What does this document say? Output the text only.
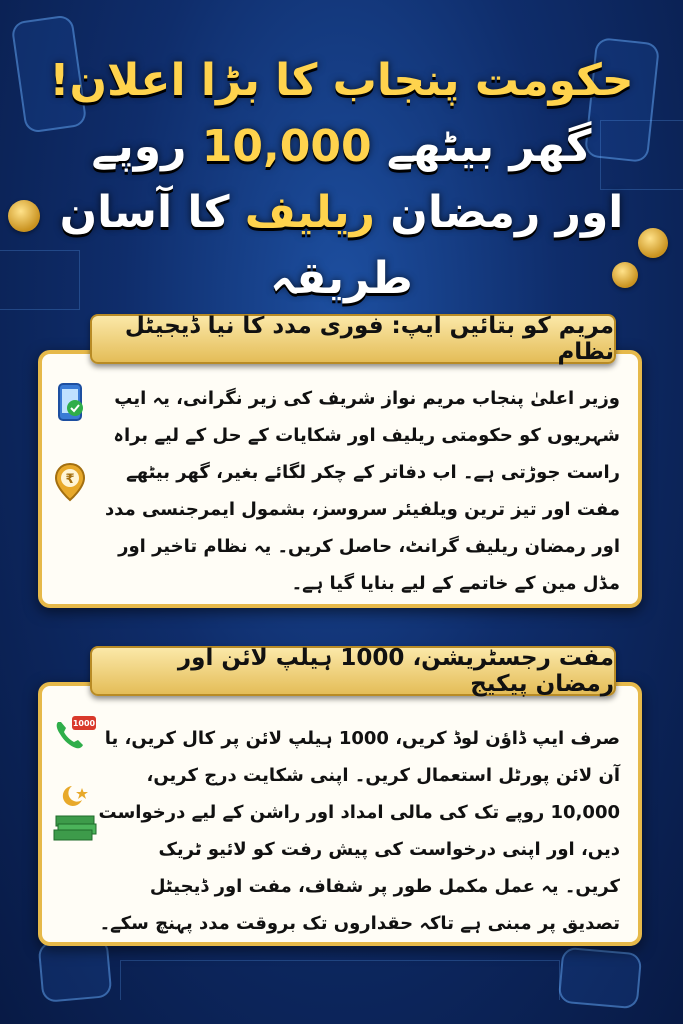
حکومت پنجاب کا بڑا اعلان!
گھر بیٹھے 10,000 روپے
اور رمضان ریلیف کا آسان طریقہ
وزیر اعلیٰ پنجاب مریم نواز شریف کی زیر نگرانی، یہ ایپ شہریوں کو حکومتی ریلیف اور شکایات کے حل کے لیے براہ راست جوڑتی ہے۔ اب دفاتر کے چکر لگائے بغیر، گھر بیٹھے مفت اور تیز ترین ویلفیئر سروسز، بشمول ایمرجنسی مدد اور رمضان ریلیف گرانٹ، حاصل کریں۔ یہ نظام تاخیر اور مڈل مین کے خاتمے کے لیے بنایا گیا ہے۔
₹
مریم کو بتائیں ایپ: فوری مدد کا نیا ڈیجیٹل نظام
صرف ایپ ڈاؤن لوڈ کریں، 1000 ہیلپ لائن پر کال کریں، یا آن لائن پورٹل استعمال کریں۔ اپنی شکایت درج کریں، 10,000 روپے تک کی مالی امداد اور راشن کے لیے درخواست دیں، اور اپنی درخواست کی پیش رفت کو لائیو ٹریک کریں۔ یہ عمل مکمل طور پر شفاف، مفت اور ڈیجیٹل تصدیق پر مبنی ہے تاکہ حقداروں تک بروقت مدد پہنچ سکے۔
1000
مفت رجسٹریشن، 1000 ہیلپ لائن اور رمضان پیکیج
